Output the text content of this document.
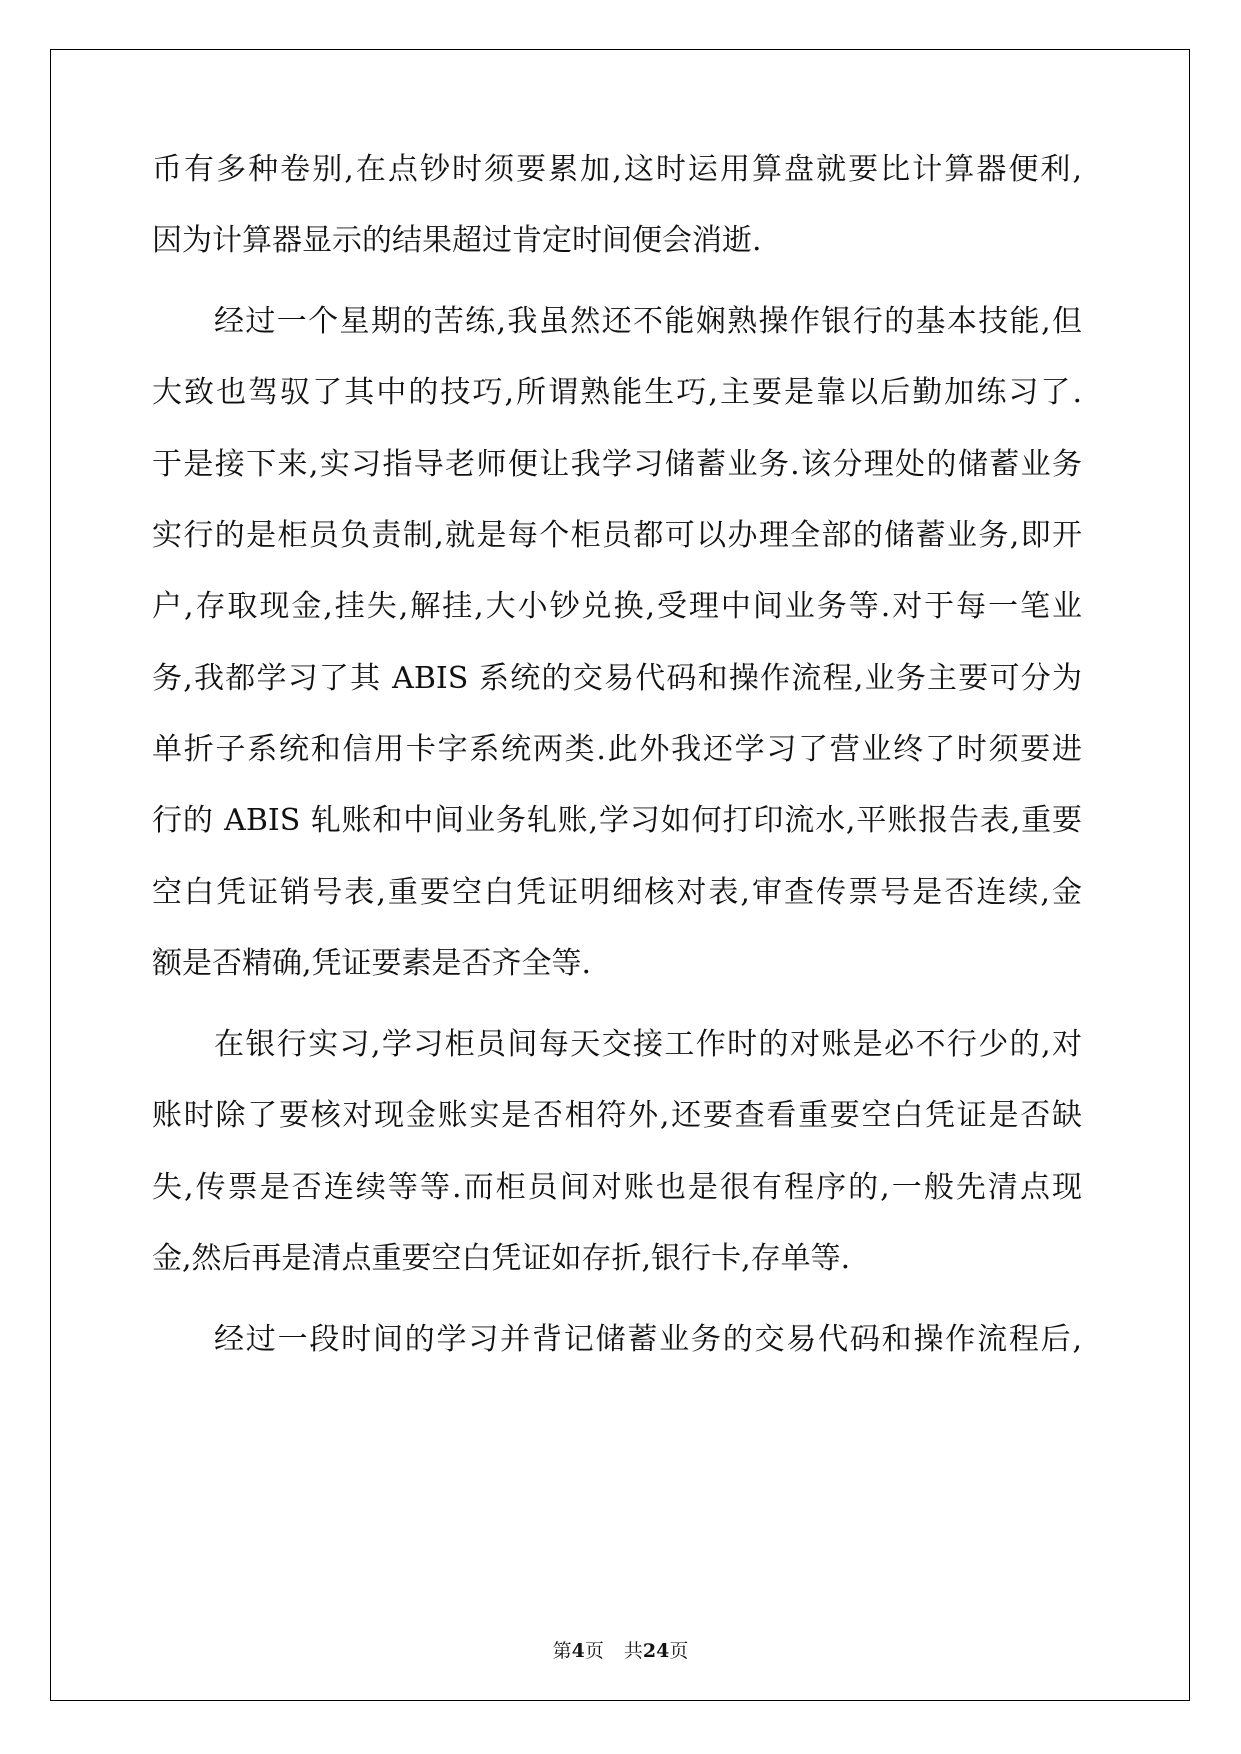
币有多种卷别,在点钞时须要累加,这时运用算盘就要比计算器便利,
因为计算器显示的结果超过肯定时间便会消逝.
经过一个星期的苦练,我虽然还不能娴熟操作银行的基本技能,但
大致也驾驭了其中的技巧,所谓熟能生巧,主要是靠以后勤加练习了.
于是接下来,实习指导老师便让我学习储蓄业务.该分理处的储蓄业务
实行的是柜员负责制,就是每个柜员都可以办理全部的储蓄业务,即开
户,存取现金,挂失,解挂,大小钞兑换,受理中间业务等.对于每一笔业
务,我都学习了其 ABIS 系统的交易代码和操作流程,业务主要可分为
单折子系统和信用卡字系统两类.此外我还学习了营业终了时须要进
行的 ABIS 轧账和中间业务轧账,学习如何打印流水,平账报告表,重要
空白凭证销号表,重要空白凭证明细核对表,审查传票号是否连续,金
额是否精确,凭证要素是否齐全等.
在银行实习,学习柜员间每天交接工作时的对账是必不行少的,对
账时除了要核对现金账实是否相符外,还要查看重要空白凭证是否缺
失,传票是否连续等等.而柜员间对账也是很有程序的,一般先清点现
金,然后再是清点重要空白凭证如存折,银行卡,存单等.
经过一段时间的学习并背记储蓄业务的交易代码和操作流程后,
第4页 共24页
